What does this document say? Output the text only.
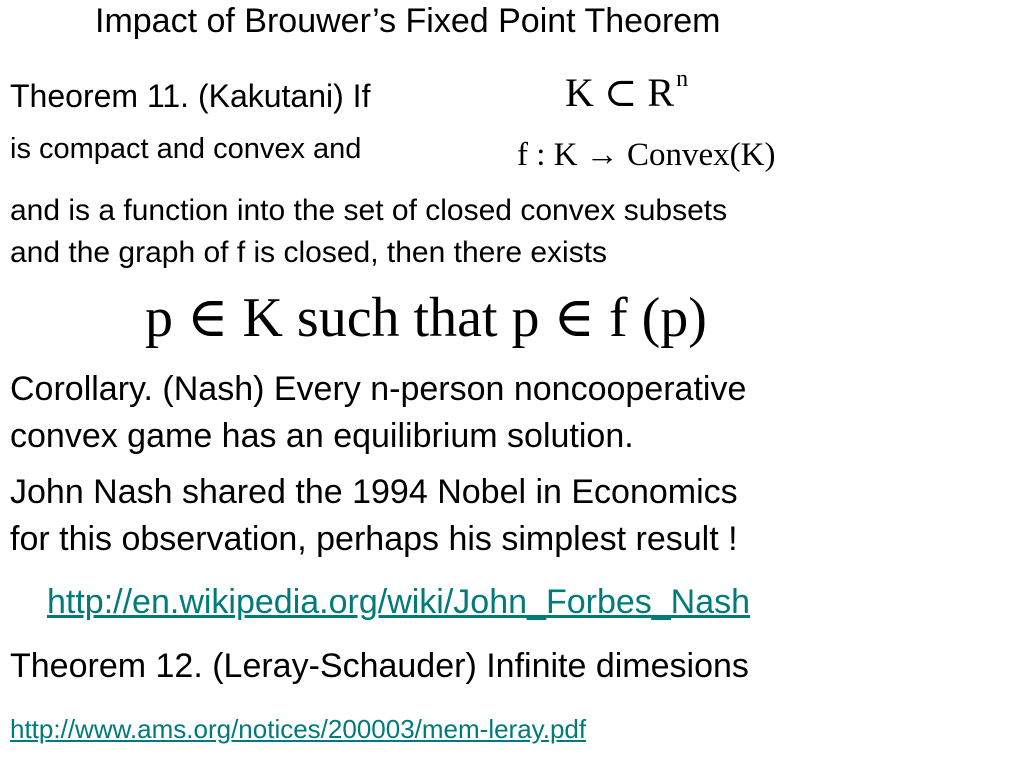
Impact of Brouwer’s Fixed Point Theorem
Theorem 11. (Kakutani) If	K ⊂ $R^n$
is compact and convex and	f : K → Convex(K)
and is a function into the set of closed convex subsets
and the graph of f is closed, then there exists
p ∈ K such that p ∈ f (p)
Corollary. (Nash) Every n-person noncooperative
convex game has an equilibrium solution.
John Nash shared the 1994 Nobel in Economics
for this observation, perhaps his simplest result !
http://en.wikipedia.org/wiki/John_Forbes_Nash
Theorem 12. (Leray-Schauder) Infinite dimesions
http://www.ams.org/notices/200003/mem-leray.pdf
